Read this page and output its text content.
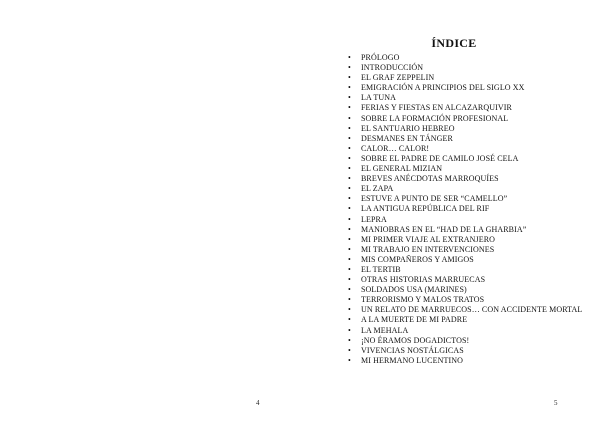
4
ÍNDICE
• PRÓLOGO
• INTRODUCCIÓN
• EL GRAF ZEPPELIN
• EMIGRACIÓN A PRINCIPIOS DEL SIGLO XX
• LA TUNA
• FERIAS Y FIESTAS EN ALCAZARQUIVIR
• SOBRE LA FORMACIÓN PROFESIONAL
• EL SANTUARIO HEBREO
• DESMANES EN TÁNGER
• CALOR… CALOR!
• SOBRE EL PADRE DE CAMILO JOSÉ CELA
• EL GENERAL MIZIAN
• BREVES ANÉCDOTAS MARROQUÍES
• EL ZAPA
• ESTUVE A PUNTO DE SER “CAMELLO”
• LA ANTIGUA REPÚBLICA DEL RIF
• LEPRA
• MANIOBRAS EN EL “HAD DE LA GHARBIA”
• MI PRIMER VIAJE AL EXTRANJERO
• MI TRABAJO EN INTERVENCIONES
• MIS COMPAÑEROS Y AMIGOS
• EL TERTIB
• OTRAS HISTORIAS MARRUECAS
• SOLDADOS USA (MARINES)
• TERRORISMO Y MALOS TRATOS
• UN RELATO DE MARRUECOS… CON ACCIDENTE MORTAL
• A LA MUERTE DE MI PADRE
• LA MEHALA
• ¡NO ÉRAMOS DOGADICTOS!
• VIVENCIAS NOSTÁLGICAS
• MI HERMANO LUCENTINO
5
